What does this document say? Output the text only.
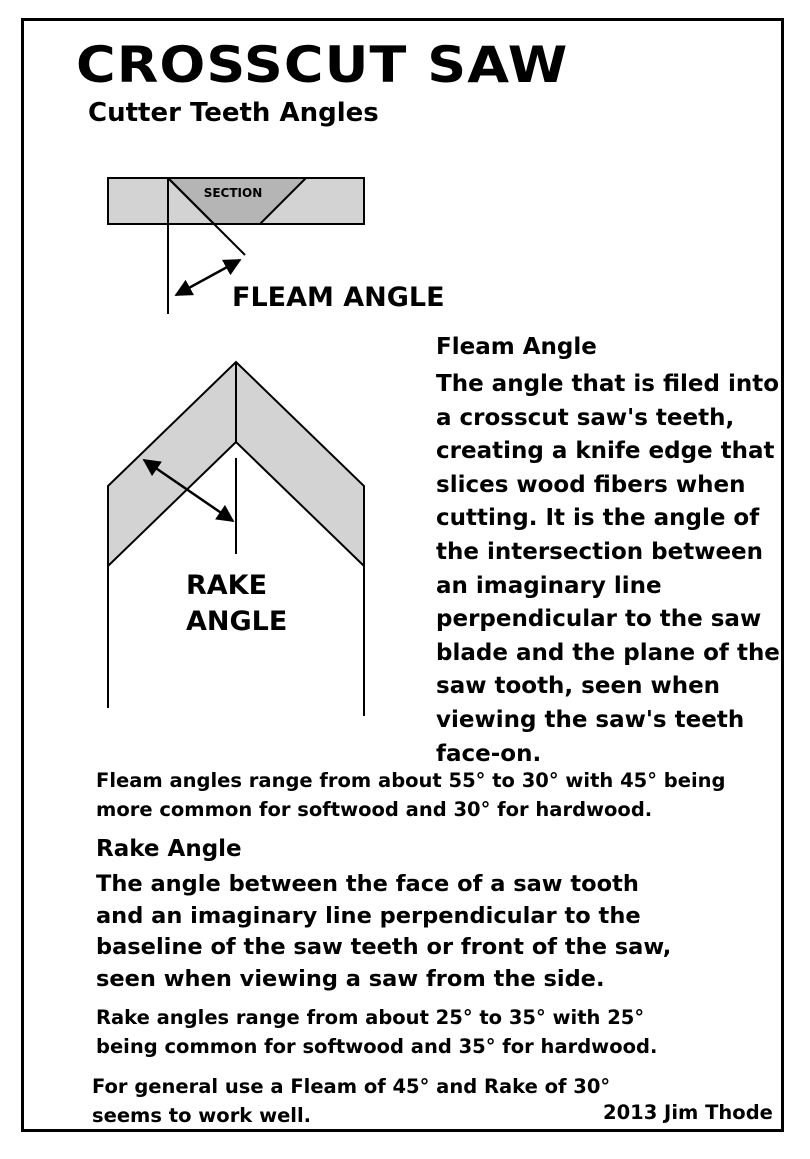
CROSSCUT SAW
Cutter Teeth Angles
SECTION
FLEAM ANGLE
RAKE
ANGLE
Fleam Angle
The angle that is filed into
a crosscut saw's teeth,
creating a knife edge that
slices wood fibers when
cutting. It is the angle of
the intersection between
an imaginary line
perpendicular to the saw
blade and the plane of the
saw tooth, seen when
viewing the saw's teeth
face-on.
Fleam angles range from about 55° to 30° with 45° being
more common for softwood and 30° for hardwood.
Rake Angle
The angle between the face of a saw tooth
and an imaginary line perpendicular to the
baseline of the saw teeth or front of the saw,
seen when viewing a saw from the side.
Rake angles range from about 25° to 35° with 25°
being common for softwood and 35° for hardwood.
For general use a Fleam of 45° and Rake of 30°
seems to work well.	2013 Jim Thode
